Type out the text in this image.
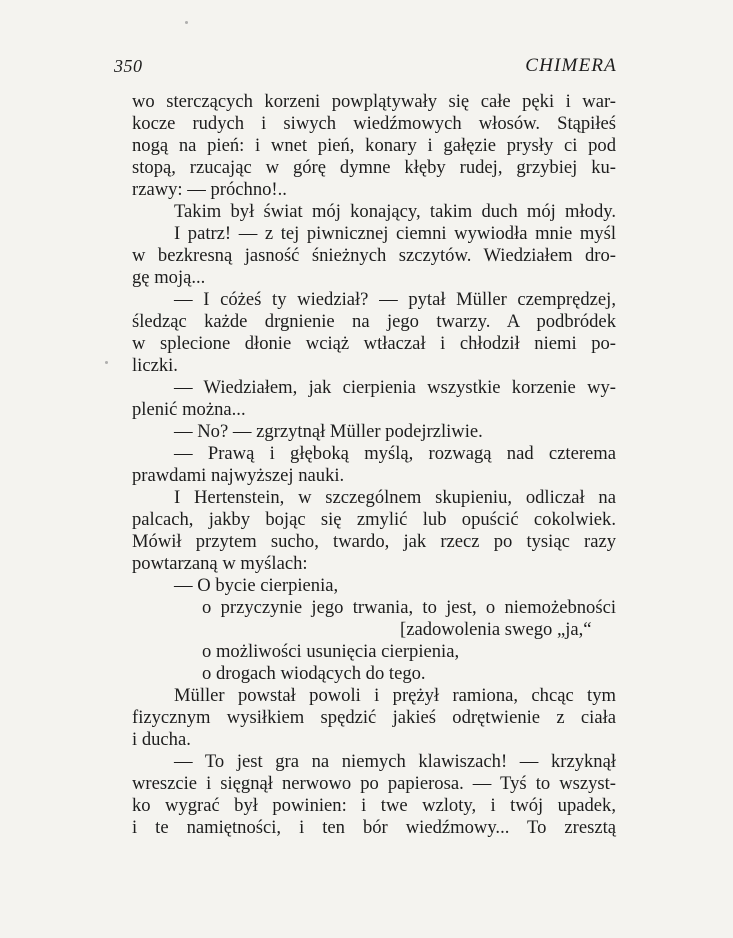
350	CHIMERA
wo sterczących korzeni powplątywały się całe pęki i war-
kocze rudych i siwych wiedźmowych włosów. Stąpiłeś
nogą na pień: i wnet pień, konary i gałęzie prysły ci pod
stopą, rzucając w górę dymne kłęby rudej, grzybiej ku-
rzawy: — próchno!..
Takim był świat mój konający, takim duch mój młody.
I patrz! — z tej piwnicznej ciemni wywiodła mnie myśl
w bezkresną jasność śnieżnych szczytów. Wiedziałem dro-
gę moją...
— I cóżeś ty wiedział? — pytał Müller czemprędzej,
śledząc każde drgnienie na jego twarzy. A podbródek
w splecione dłonie wciąż wtłaczał i chłodził niemi po-
liczki.
— Wiedziałem, jak cierpienia wszystkie korzenie wy-
plenić można...
— No? — zgrzytnął Müller podejrzliwie.
— Prawą i głęboką myślą, rozwagą nad czterema
prawdami najwyższej nauki.
I Hertenstein, w szczególnem skupieniu, odliczał na
palcach, jakby bojąc się zmylić lub opuścić cokolwiek.
Mówił przytem sucho, twardo, jak rzecz po tysiąc razy
powtarzaną w myślach:
— O bycie cierpienia,
o przyczynie jego trwania, to jest, o niemożebności
[zadowolenia swego „ja,“
o możliwości usunięcia cierpienia,
o drogach wiodących do tego.
Müller powstał powoli i prężył ramiona, chcąc tym
fizycznym wysiłkiem spędzić jakieś odrętwienie z ciała
i ducha.
— To jest gra na niemych klawiszach! — krzyknął
wreszcie i sięgnął nerwowo po papierosa. — Tyś to wszyst-
ko wygrać był powinien: i twe wzloty, i twój upadek,
i te namiętności, i ten bór wiedźmowy... To zresztą
